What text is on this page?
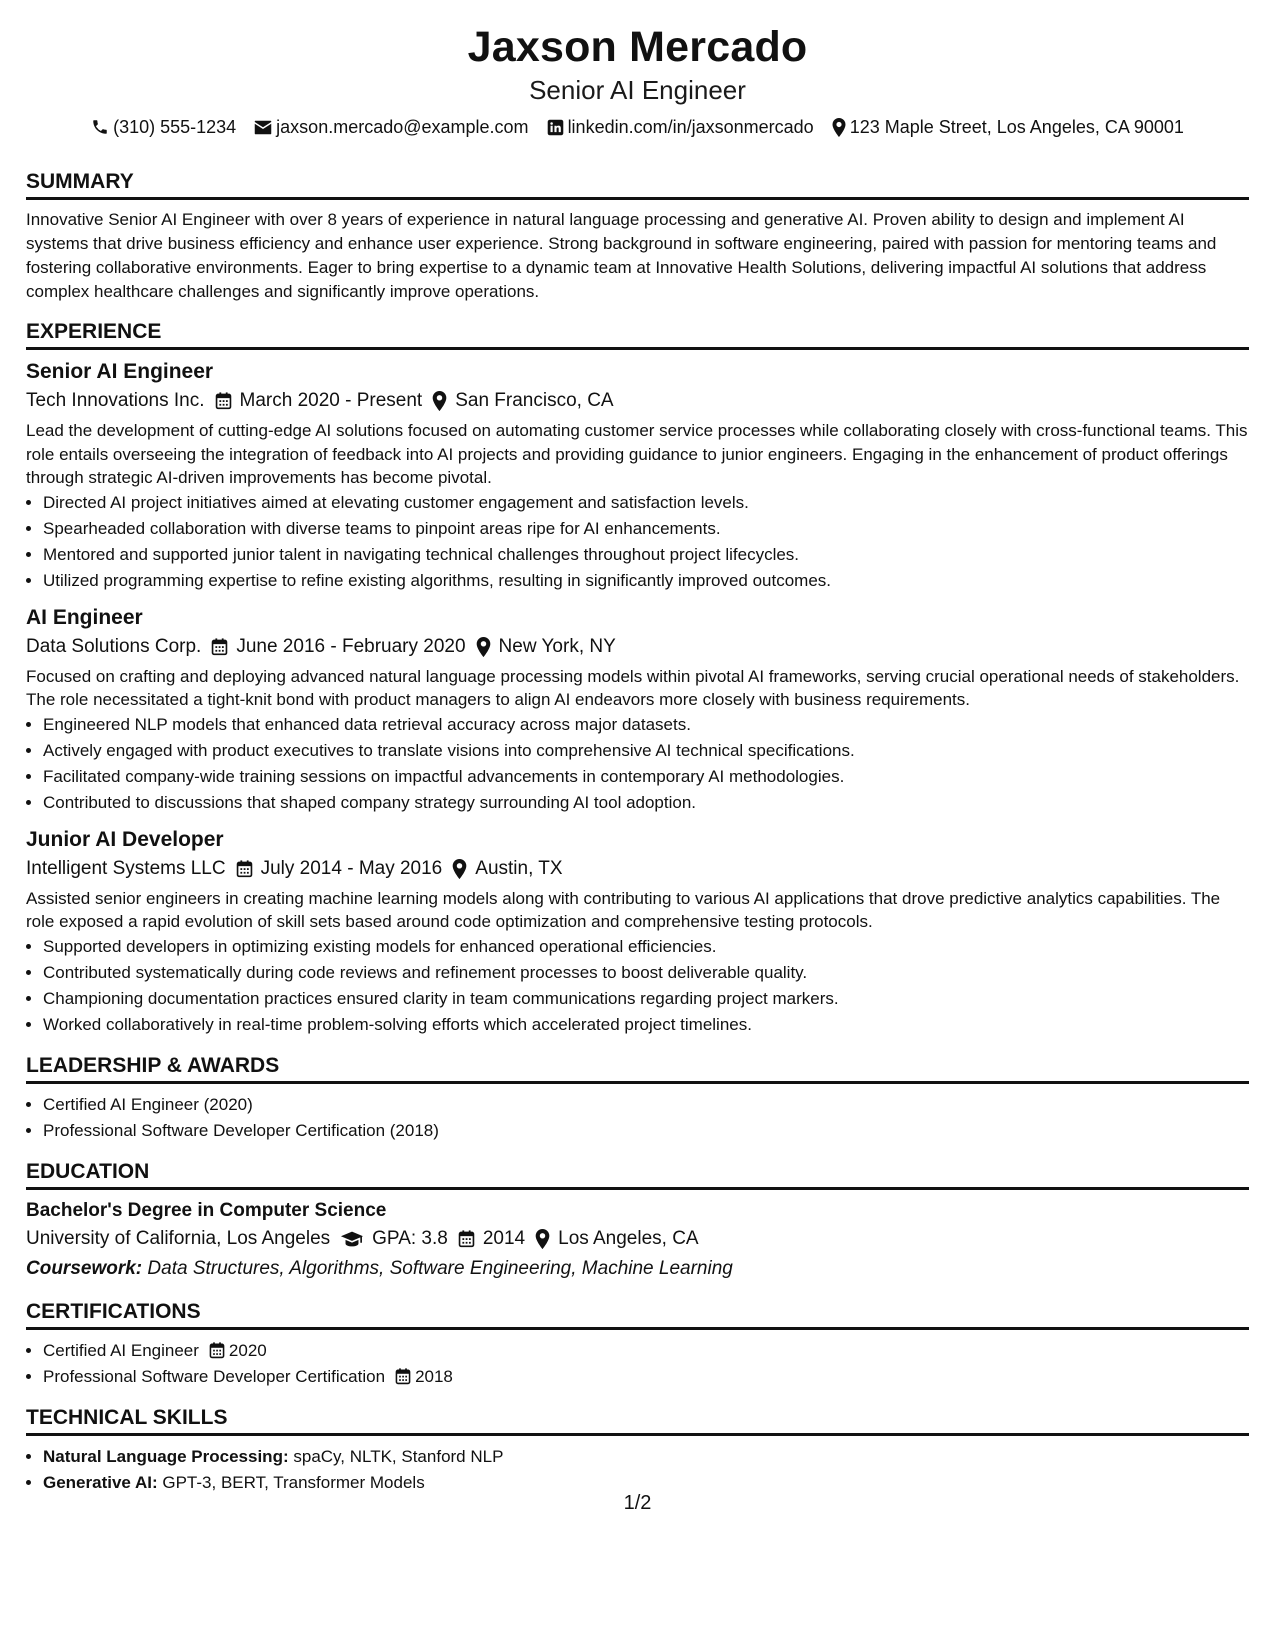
Jaxson Mercado
Senior AI Engineer
(310) 555-1234 jaxson.mercado@example.com linkedin.com/in/jaxsonmercado 123 Maple Street, Los Angeles, CA 90001
SUMMARY

Innovative Senior AI Engineer with over 8 years of experience in natural language processing and generative AI. Proven ability to design and implement AI systems that drive business efficiency and enhance user experience. Strong background in software engineering, paired with passion for mentoring teams and fostering collaborative environments. Eager to bring expertise to a dynamic team at Innovative Health Solutions, delivering impactful AI solutions that address complex healthcare challenges and significantly improve operations.

EXPERIENCE
Senior AI Engineer
Tech Innovations Inc. March 2020 - Present San Francisco, CA

Lead the development of cutting-edge AI solutions focused on automating customer service processes while collaborating closely with cross-functional teams. This role entails overseeing the integration of feedback into AI projects and providing guidance to junior engineers. Engaging in the enhancement of product offerings through strategic AI-driven improvements has become pivotal.

• Directed AI project initiatives aimed at elevating customer engagement and satisfaction levels.
• Spearheaded collaboration with diverse teams to pinpoint areas ripe for AI enhancements.
• Mentored and supported junior talent in navigating technical challenges throughout project lifecycles.
• Utilized programming expertise to refine existing algorithms, resulting in significantly improved outcomes.
AI Engineer
Data Solutions Corp. June 2016 - February 2020 New York, NY

Focused on crafting and deploying advanced natural language processing models within pivotal AI frameworks, serving crucial operational needs of stakeholders. The role necessitated a tight-knit bond with product managers to align AI endeavors more closely with business requirements.

• Engineered NLP models that enhanced data retrieval accuracy across major datasets.
• Actively engaged with product executives to translate visions into comprehensive AI technical specifications.
• Facilitated company-wide training sessions on impactful advancements in contemporary AI methodologies.
• Contributed to discussions that shaped company strategy surrounding AI tool adoption.
Junior AI Developer
Intelligent Systems LLC July 2014 - May 2016 Austin, TX

Assisted senior engineers in creating machine learning models along with contributing to various AI applications that drove predictive analytics capabilities. The role exposed a rapid evolution of skill sets based around code optimization and comprehensive testing protocols.

• Supported developers in optimizing existing models for enhanced operational efficiencies.
• Contributed systematically during code reviews and refinement processes to boost deliverable quality.
• Championing documentation practices ensured clarity in team communications regarding project markers.
• Worked collaboratively in real-time problem-solving efforts which accelerated project timelines.
LEADERSHIP & AWARDS
• Certified AI Engineer (2020)
• Professional Software Developer Certification (2018)
EDUCATION
Bachelor's Degree in Computer Science
University of California, Los Angeles GPA: 3.8 2014 Los Angeles, CA
Coursework: Data Structures, Algorithms, Software Engineering, Machine Learning
CERTIFICATIONS
• Certified AI Engineer 2020
• Professional Software Developer Certification 2018
TECHNICAL SKILLS
• Natural Language Processing: spaCy, NLTK, Stanford NLP
• Generative AI: GPT-3, BERT, Transformer Models
1/2
